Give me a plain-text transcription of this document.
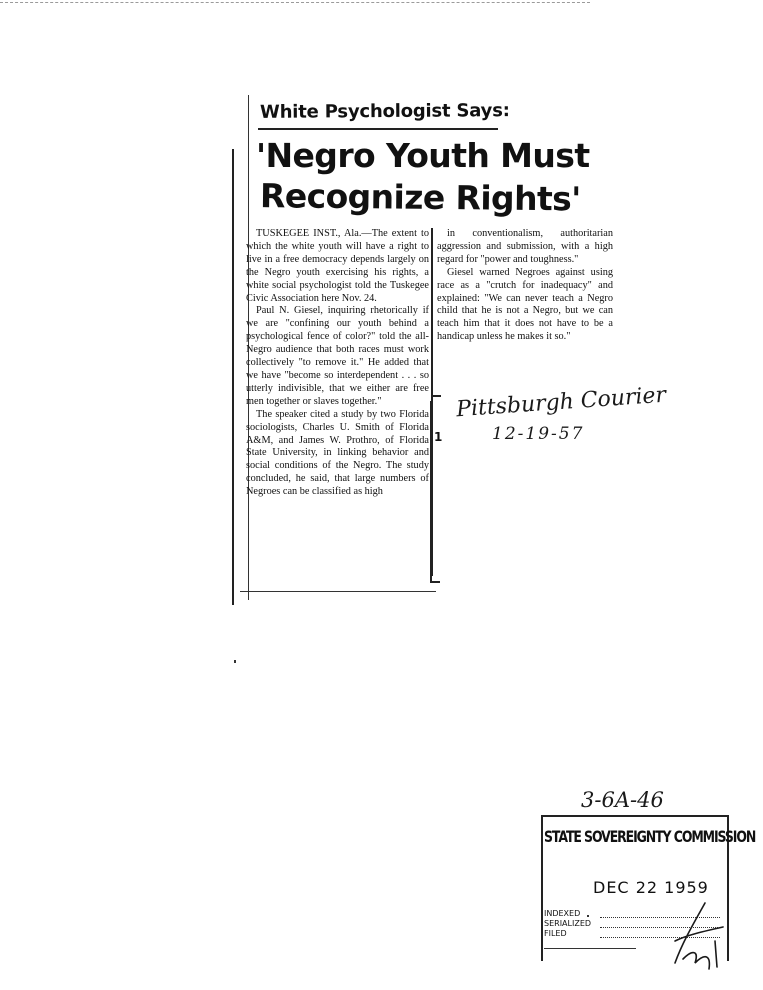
White Psychologist Says:
'Negro Youth Must
Recognize Rights'

TUSKEGEE INST., Ala.—The extent to which the white youth will have a right to live in a free democracy depends largely on the Negro youth exercising his rights, a white social psychologist told the Tuskegee Civic Association here Nov. 24.

Paul N. Giesel, inquiring rhetorically if we are "confining our youth behind a psychological fence of color?" told the all-Negro audience that both races must work collectively "to remove it." He added that we have "become so interdependent . . . so utterly indivisible, that we either are free men together or slaves together."

The speaker cited a study by two Florida sociologists, Charles U. Smith of Florida A&M, and James W. Prothro, of Florida State University, in linking behavior and social conditions of the Negro. The study concluded, he said, that large numbers of Negroes can be classified as high

in conventionalism, authoritarian aggression and submission, with a high regard for "power and toughness."

Giesel warned Negroes against using race as a "crutch for inadequacy" and explained: "We can never teach a Negro child that he is not a Negro, but we can teach him that it does not have to be a handicap unless he makes it so."

Pittsburgh Courier
1	12-19-57
3-6A-46
STATE SOVEREIGNTY COMMISSION
DEC 22 1959
INDEXED
SERIALIZED
FILED
